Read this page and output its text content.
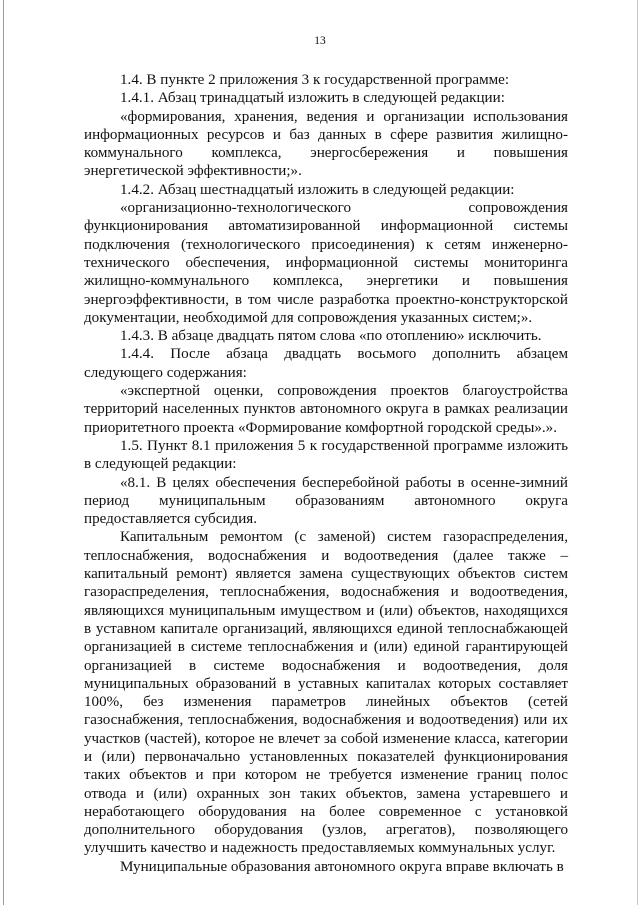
13

1.4. В пункте 2 приложения 3 к государственной программе:

1.4.1. Абзац тринадцатый изложить в следующей редакции:

«формирования, хранения, ведения и организации использования информационных ресурсов и баз данных в сфере развития жилищно-коммунального комплекса, энергосбережения и повышения энергетической эффективности;».

1.4.2. Абзац шестнадцатый изложить в следующей редакции:

«организационно-технологического сопровождения функционирования автоматизированной информационной системы подключения (технологического присоединения) к сетям инженерно-технического обеспечения, информационной системы мониторинга жилищно-коммунального комплекса, энергетики и повышения энергоэффективности, в том числе разработка проектно-конструкторской документации, необходимой для сопровождения указанных систем;».

1.4.3. В абзаце двадцать пятом слова «по отоплению» исключить.

1.4.4. После абзаца двадцать восьмого дополнить абзацем следующего содержания:

«экспертной оценки, сопровождения проектов благоустройства территорий населенных пунктов автономного округа в рамках реализации приоритетного проекта «Формирование комфортной городской среды».».

1.5. Пункт 8.1 приложения 5 к государственной программе изложить в следующей редакции:

«8.1. В целях обеспечения бесперебойной работы в осенне-зимний период муниципальным образованиям автономного округа предоставляется субсидия.

Капитальным ремонтом (с заменой) систем газораспределения, теплоснабжения, водоснабжения и водоотведения (далее также – капитальный ремонт) является замена существующих объектов систем газораспределения, теплоснабжения, водоснабжения и водоотведения, являющихся муниципальным имуществом и (или) объектов, находящихся в уставном капитале организаций, являющихся единой теплоснабжающей организацией в системе теплоснабжения и (или) единой гарантирующей организацией в системе водоснабжения и водоотведения, доля муниципальных образований в уставных капиталах которых составляет 100%, без изменения параметров линейных объектов (сетей газоснабжения, теплоснабжения, водоснабжения и водоотведения) или их участков (частей), которое не влечет за собой изменение класса, категории и (или) первоначально установленных показателей функционирования таких объектов и при котором не требуется изменение границ полос отвода и (или) охранных зон таких объектов, замена устаревшего и неработающего оборудования на более современное с установкой дополнительного оборудования (узлов, агрегатов), позволяющего улучшить качество и надежность предоставляемых коммунальных услуг.

Муниципальные образования автономного округа вправе включать в
